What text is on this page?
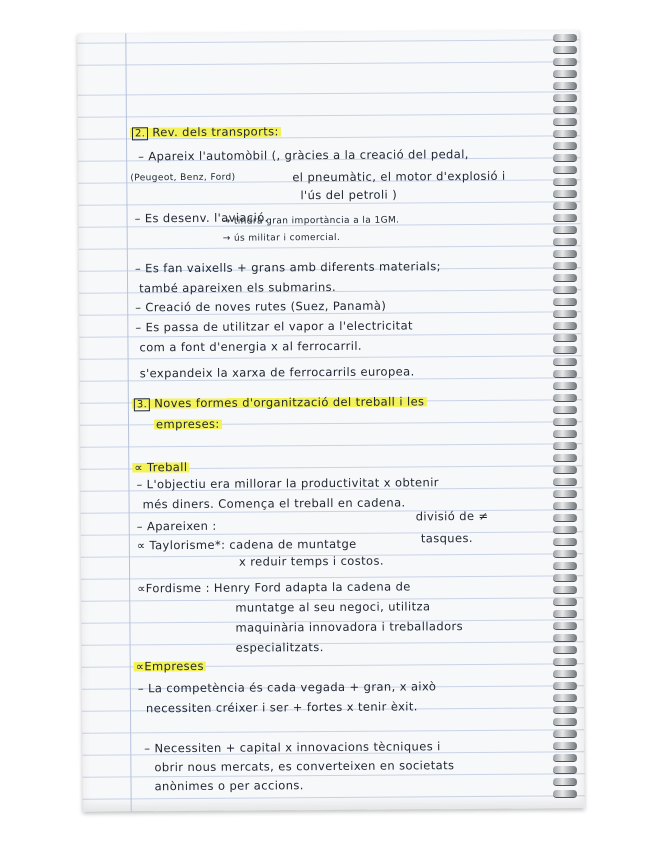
2. Rev. dels transports:
– Apareix l'automòbil (, gràcies a la creació del pedal,
(Peugeot, Benz, Ford)	el pneumàtic, el motor d'explosió i
l'ús del petroli )
– Es desenv. l'aviació.
→ tindrà gran importància a la 1GM.
→ ús militar i comercial.
– Es fan vaixells + grans amb diferents materials;
també apareixen els submarins.
– Creació de noves rutes (Suez, Panamà)
– Es passa de utilitzar el vapor a l'electricitat
com a font d'energia x al ferrocarril.
s'expandeix la xarxa de ferrocarrils europea.
3. Noves formes d'organització del treball i les
empreses:
∝ Treball
– L'objectiu era millorar la productivitat x obtenir
més diners. Comença el treball en cadena.
– Apareixen :
divisió de ≠
∝ Taylorisme*: cadena de muntatge	tasques.
x reduir temps i costos.
∝Fordisme : Henry Ford adapta la cadena de
muntatge al seu negoci, utilitza
maquinària innovadora i treballadors
especialitzats.
∝Empreses
– La competència és cada vegada + gran, x això
necessiten créixer i ser + fortes x tenir èxit.
– Necessiten + capital x innovacions tècniques i
obrir nous mercats, es converteixen en societats
anònimes o per accions.
